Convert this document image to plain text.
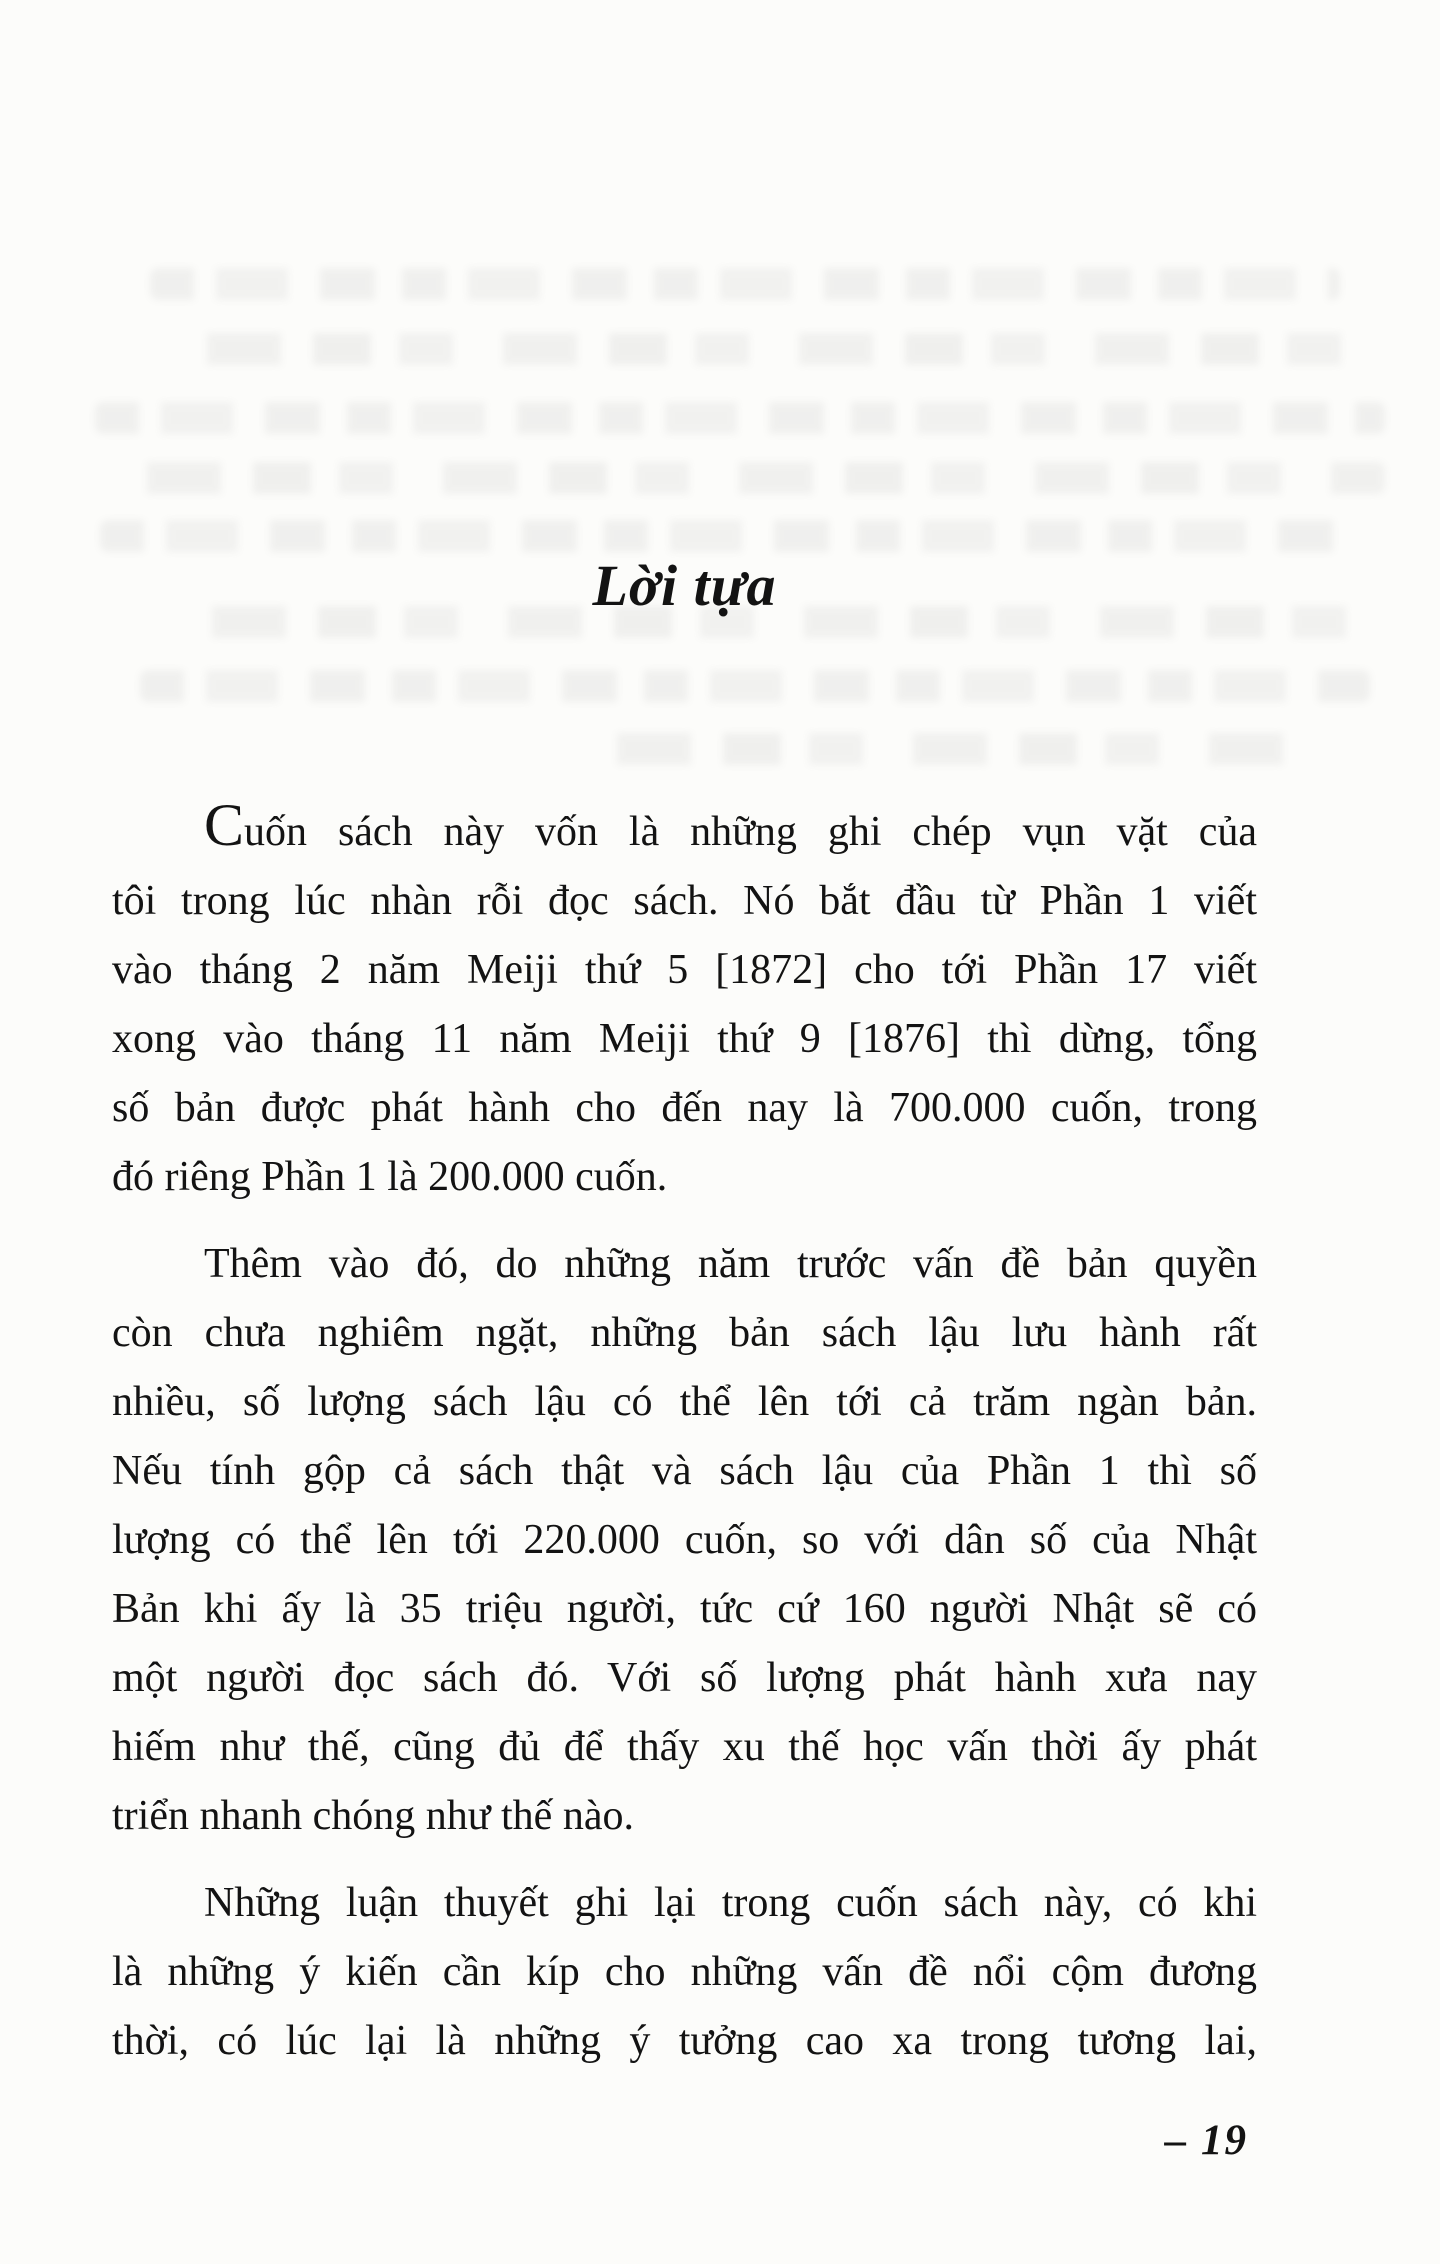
Lời tựa
Cuốn sách này vốn là những ghi chép vụn vặt của
tôi trong lúc nhàn rỗi đọc sách. Nó bắt đầu từ Phần 1 viết
vào tháng 2 năm Meiji thứ 5 [1872] cho tới Phần 17 viết
xong vào tháng 11 năm Meiji thứ 9 [1876] thì dừng, tổng
số bản được phát hành cho đến nay là 700.000 cuốn, trong
đó riêng Phần 1 là 200.000 cuốn.
Thêm vào đó, do những năm trước vấn đề bản quyền
còn chưa nghiêm ngặt, những bản sách lậu lưu hành rất
nhiều, số lượng sách lậu có thể lên tới cả trăm ngàn bản.
Nếu tính gộp cả sách thật và sách lậu của Phần 1 thì số
lượng có thể lên tới 220.000 cuốn, so với dân số của Nhật
Bản khi ấy là 35 triệu người, tức cứ 160 người Nhật sẽ có
một người đọc sách đó. Với số lượng phát hành xưa nay
hiếm như thế, cũng đủ để thấy xu thế học vấn thời ấy phát
triển nhanh chóng như thế nào.
Những luận thuyết ghi lại trong cuốn sách này, có khi
là những ý kiến cần kíp cho những vấn đề nổi cộm đương
thời, có lúc lại là những ý tưởng cao xa trong tương lai,
– 19
